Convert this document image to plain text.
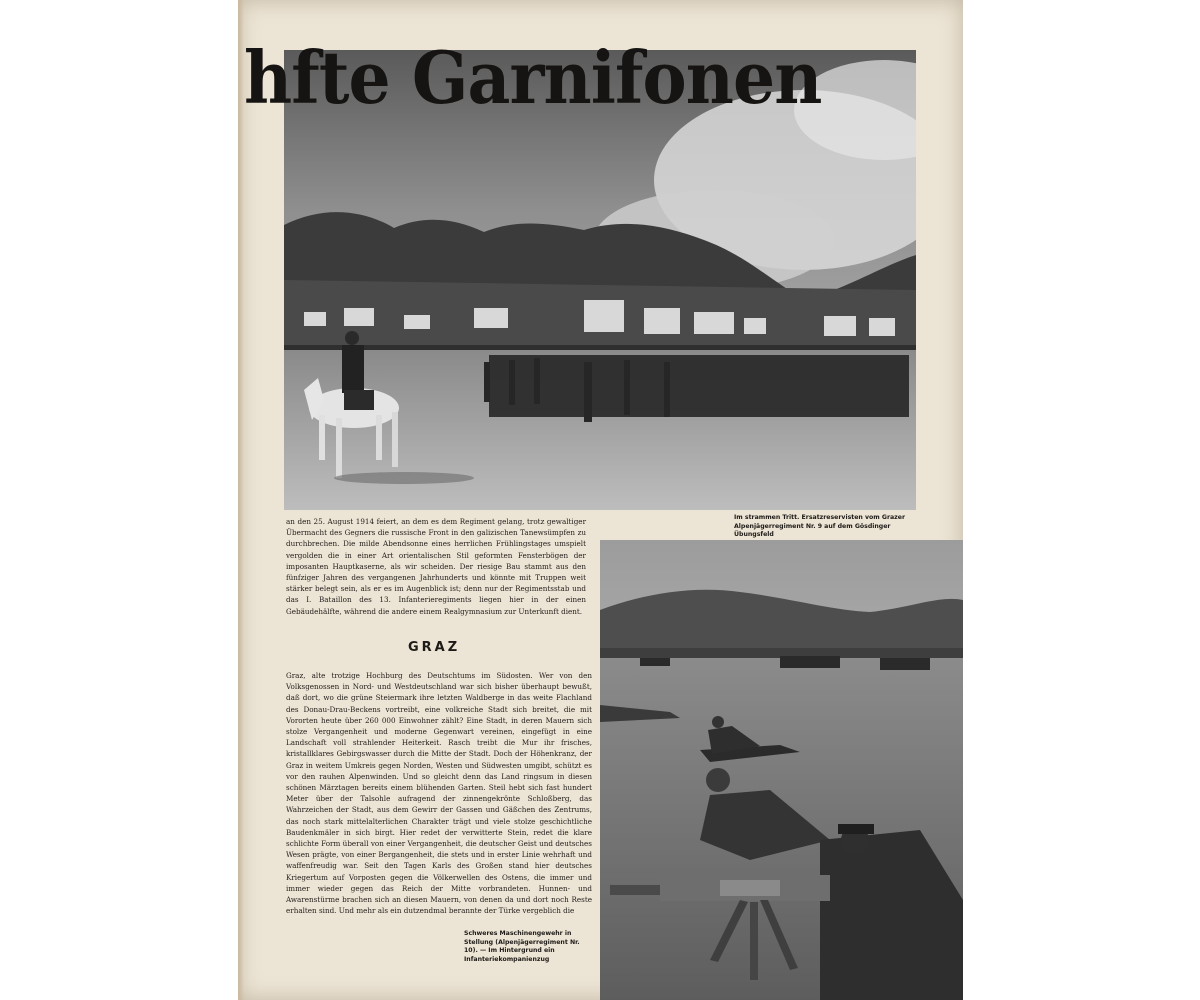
hfte Garnifonen
Im strammen Tritt. Ersatzreservisten vom Grazer Alpenjägerregiment Nr. 9 auf dem Gösdinger Übungsfeld
an den 25. August 1914 feiert, an dem es dem Regiment gelang, trotz gewaltiger Übermacht des Gegners die russische Front in den galizischen Tanewsümpfen zu durchbrechen. Die milde Abendsonne eines herrlichen Frühlingstages umspielt vergolden die in einer Art orientalischen Stil geformten Fensterbögen der imposanten Hauptkaserne, als wir scheiden. Der riesige Bau stammt aus den fünfziger Jahren des vergangenen Jahrhunderts und könnte mit Truppen weit stärker belegt sein, als er es im Augenblick ist; denn nur der Regimentsstab und das I. Bataillon des 13. Infanterieregiments liegen hier in der einen Gebäudehälfte, während die andere einem Realgymnasium zur Unterkunft dient.
GRAZ
Graz, alte trotzige Hochburg des Deutschtums im Südosten. Wer von den Volksgenossen in Nord- und Westdeutschland war sich bisher überhaupt bewußt, daß dort, wo die grüne Steiermark ihre letzten Waldberge in das weite Flachland des Donau-Drau-Beckens vortreibt, eine volkreiche Stadt sich breitet, die mit Vororten heute über 260 000 Einwohner zählt? Eine Stadt, in deren Mauern sich stolze Vergangenheit und moderne Gegenwart vereinen, eingefügt in eine Landschaft voll strahlender Heiterkeit. Rasch treibt die Mur ihr frisches, kristallklares Gebirgswasser durch die Mitte der Stadt. Doch der Höhenkranz, der Graz in weitem Umkreis gegen Norden, Westen und Südwesten umgibt, schützt es vor den rauhen Alpenwinden. Und so gleicht denn das Land ringsum in diesen schönen Märztagen bereits einem blühenden Garten. Steil hebt sich fast hundert Meter über der Talsohle aufragend der zinnengekrönte Schloßberg, das Wahrzeichen der Stadt, aus dem Gewirr der Gassen und Gäßchen des Zentrums, das noch stark mittelalterlichen Charakter trägt und viele stolze geschichtliche Baudenkmäler in sich birgt. Hier redet der verwitterte Stein, redet die klare schlichte Form überall von einer Vergangenheit, die deutscher Geist und deutsches Wesen prägte, von einer Bergangenheit, die stets und in erster Linie wehrhaft und waffenfreudig war. Seit den Tagen Karls des Großen stand hier deutsches Kriegertum auf Vorposten gegen die Völkerwellen des Ostens, die immer und immer wieder gegen das Reich der Mitte vorbrandeten. Hunnen- und Awarenstürme brachen sich an diesen Mauern, von denen da und dort noch Reste erhalten sind. Und mehr als ein dutzendmal berannte der Türke vergeblich die
Schweres Maschinengewehr in Stellung (Alpenjägerregiment Nr. 10). — Im Hintergrund ein Infanteriekompanienzug
